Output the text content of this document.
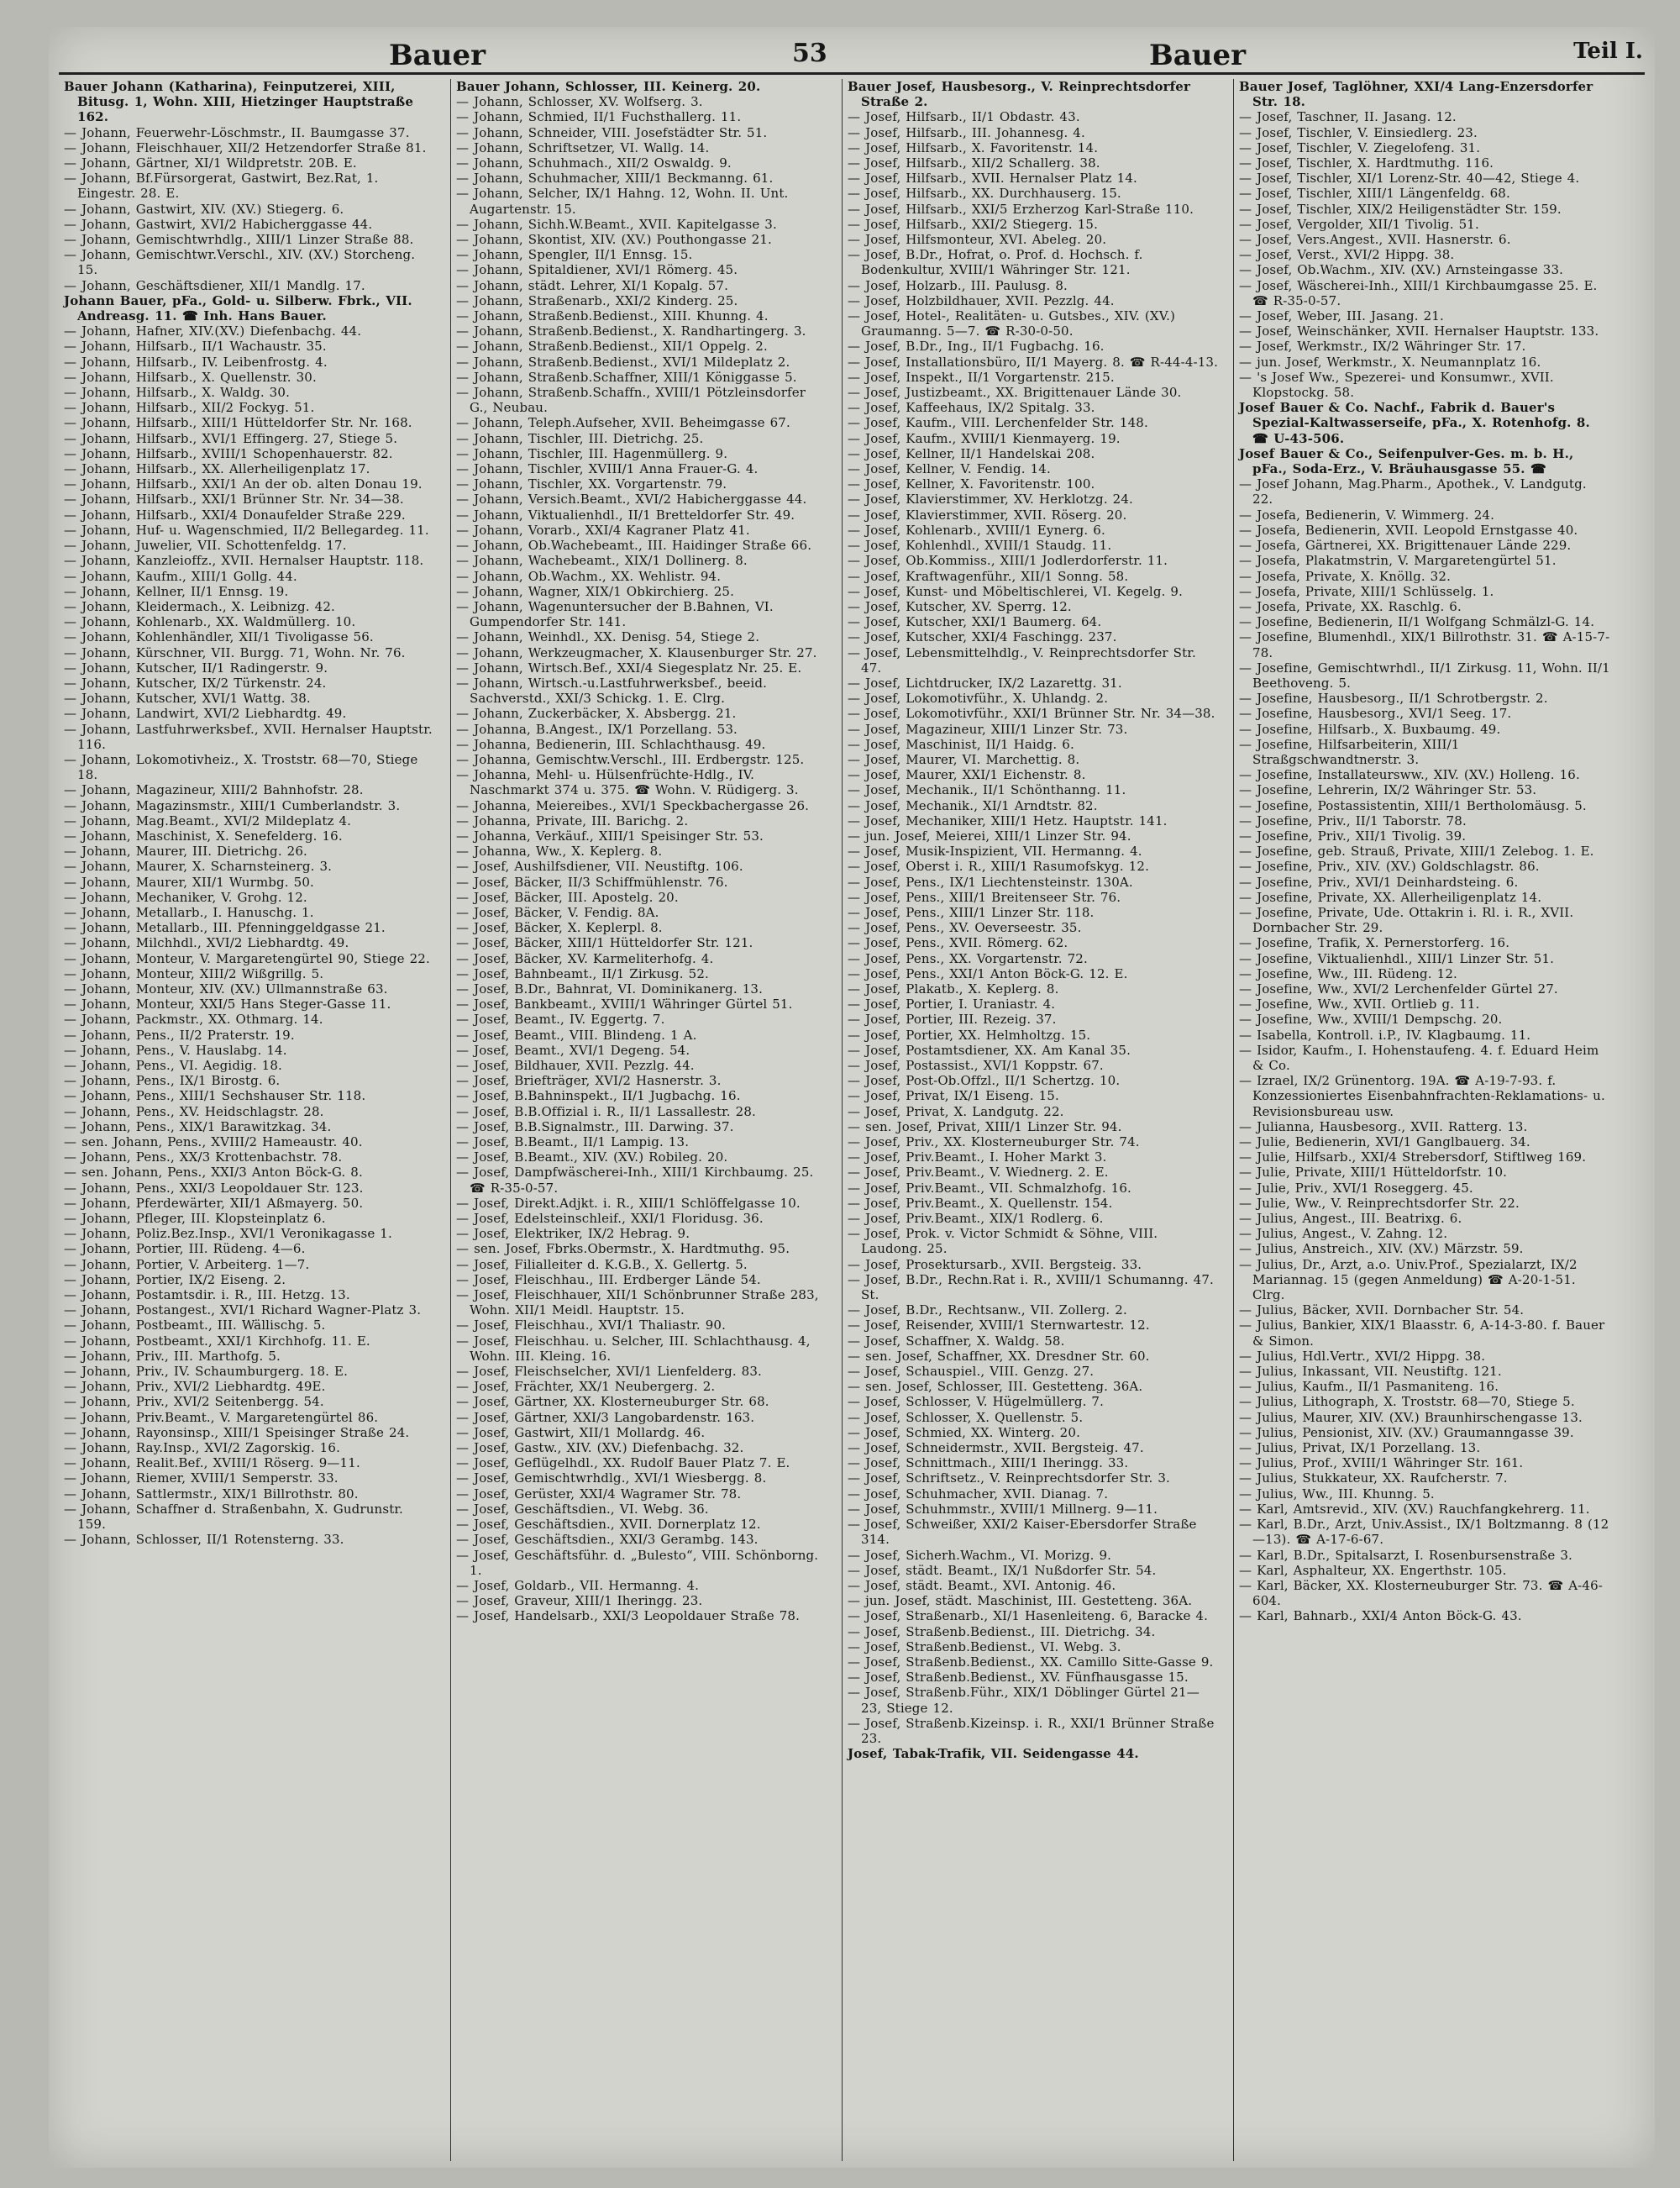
Bauer	53	Bauer	Teil I.
Bauer Johann (Katharina), Feinputzerei, XIII, Bitusg. 1, Wohn. XIII, Hietzinger Hauptstraße 162.
— Johann, Feuerwehr-Löschmstr., II. Baumgasse 37.
— Johann, Fleischhauer, XII/2 Hetzendorfer Straße 81.
— Johann, Gärtner, XI/1 Wildpretstr. 20B. E.
— Johann, Bf.Fürsorgerat, Gastwirt, Bez.Rat, 1. Eingestr. 28. E.
— Johann, Gastwirt, XIV. (XV.) Stiegerg. 6.
— Johann, Gastwirt, XVI/2 Habicherggasse 44.
— Johann, Gemischtwrhdlg., XIII/1 Linzer Straße 88.
— Johann, Gemischtwr.Verschl., XIV. (XV.) Storcheng. 15.
— Johann, Geschäftsdiener, XII/1 Mandlg. 17.
Johann Bauer, pFa., Gold- u. Silberw. Fbrk., VII. Andreasg. 11. ☎ Inh. Hans Bauer.
— Johann, Hafner, XIV.(XV.) Diefenbachg. 44.
— Johann, Hilfsarb., II/1 Wachaustr. 35.
— Johann, Hilfsarb., IV. Leibenfrostg. 4.
— Johann, Hilfsarb., X. Quellenstr. 30.
— Johann, Hilfsarb., X. Waldg. 30.
— Johann, Hilfsarb., XII/2 Fockyg. 51.
— Johann, Hilfsarb., XIII/1 Hütteldorfer Str. Nr. 168.
— Johann, Hilfsarb., XVI/1 Effingerg. 27, Stiege 5.
— Johann, Hilfsarb., XVIII/1 Schopenhauerstr. 82.
— Johann, Hilfsarb., XX. Allerheiligenplatz 17.
— Johann, Hilfsarb., XXI/1 An der ob. alten Donau 19.
— Johann, Hilfsarb., XXI/1 Brünner Str. Nr. 34—38.
— Johann, Hilfsarb., XXI/4 Donaufelder Straße 229.
— Johann, Huf- u. Wagenschmied, II/2 Bellegardeg. 11.
— Johann, Juwelier, VII. Schottenfeldg. 17.
— Johann, Kanzleioffz., XVII. Hernalser Hauptstr. 118.
— Johann, Kaufm., XIII/1 Gollg. 44.
— Johann, Kellner, II/1 Ennsg. 19.
— Johann, Kleidermach., X. Leibnizg. 42.
— Johann, Kohlenarb., XX. Waldmüllerg. 10.
— Johann, Kohlenhändler, XII/1 Tivoligasse 56.
— Johann, Kürschner, VII. Burgg. 71, Wohn. Nr. 76.
— Johann, Kutscher, II/1 Radingerstr. 9.
— Johann, Kutscher, IX/2 Türkenstr. 24.
— Johann, Kutscher, XVI/1 Wattg. 38.
— Johann, Landwirt, XVI/2 Liebhardtg. 49.
— Johann, Lastfuhrwerksbef., XVII. Hernalser Hauptstr. 116.
— Johann, Lokomotivheiz., X. Troststr. 68—70, Stiege 18.
— Johann, Magazineur, XIII/2 Bahnhofstr. 28.
— Johann, Magazinsmstr., XIII/1 Cumberlandstr. 3.
— Johann, Mag.Beamt., XVI/2 Mildeplatz 4.
— Johann, Maschinist, X. Senefelderg. 16.
— Johann, Maurer, III. Dietrichg. 26.
— Johann, Maurer, X. Scharnsteinerg. 3.
— Johann, Maurer, XII/1 Wurmbg. 50.
— Johann, Mechaniker, V. Grohg. 12.
— Johann, Metallarb., I. Hanuschg. 1.
— Johann, Metallarb., III. Pfenninggeldgasse 21.
— Johann, Milchhdl., XVI/2 Liebhardtg. 49.
— Johann, Monteur, V. Margaretengürtel 90, Stiege 22.
— Johann, Monteur, XIII/2 Wißgrillg. 5.
— Johann, Monteur, XIV. (XV.) Ullmannstraße 63.
— Johann, Monteur, XXI/5 Hans Steger-Gasse 11.
— Johann, Packmstr., XX. Othmarg. 14.
— Johann, Pens., II/2 Praterstr. 19.
— Johann, Pens., V. Hauslabg. 14.
— Johann, Pens., VI. Aegidig. 18.
— Johann, Pens., IX/1 Birostg. 6.
— Johann, Pens., XIII/1 Sechshauser Str. 118.
— Johann, Pens., XV. Heidschlagstr. 28.
— Johann, Pens., XIX/1 Barawitzkag. 34.
— sen. Johann, Pens., XVIII/2 Hameaustr. 40.
— Johann, Pens., XX/3 Krottenbachstr. 78.
— sen. Johann, Pens., XXI/3 Anton Böck-G. 8.
— Johann, Pens., XXI/3 Leopoldauer Str. 123.
— Johann, Pferdewärter, XII/1 Aßmayerg. 50.
— Johann, Pfleger, III. Klopsteinplatz 6.
— Johann, Poliz.Bez.Insp., XVI/1 Veronikagasse 1.
— Johann, Portier, III. Rüdeng. 4—6.
— Johann, Portier, V. Arbeiterg. 1—7.
— Johann, Portier, IX/2 Eiseng. 2.
— Johann, Postamtsdir. i. R., III. Hetzg. 13.
— Johann, Postangest., XVI/1 Richard Wagner-Platz 3.
— Johann, Postbeamt., III. Wällischg. 5.
— Johann, Postbeamt., XXI/1 Kirchhofg. 11. E.
— Johann, Priv., III. Marthofg. 5.
— Johann, Priv., IV. Schaumburgerg. 18. E.
— Johann, Priv., XVI/2 Liebhardtg. 49E.
— Johann, Priv., XVI/2 Seitenbergg. 54.
— Johann, Priv.Beamt., V. Margaretengürtel 86.
— Johann, Rayonsinsp., XIII/1 Speisinger Straße 24.
— Johann, Ray.Insp., XVI/2 Zagorskig. 16.
— Johann, Realit.Bef., XVIII/1 Röserg. 9—11.
— Johann, Riemer, XVIII/1 Semperstr. 33.
— Johann, Sattlermstr., XIX/1 Billrothstr. 80.
— Johann, Schaffner d. Straßenbahn, X. Gudrunstr. 159.
— Johann, Schlosser, II/1 Rotensterng. 33.
Bauer Johann, Schlosser, III. Keinerg. 20.
— Johann, Schlosser, XV. Wolfserg. 3.
— Johann, Schmied, II/1 Fuchsthallerg. 11.
— Johann, Schneider, VIII. Josefstädter Str. 51.
— Johann, Schriftsetzer, VI. Wallg. 14.
— Johann, Schuhmach., XII/2 Oswaldg. 9.
— Johann, Schuhmacher, XIII/1 Beckmanng. 61.
— Johann, Selcher, IX/1 Hahng. 12, Wohn. II. Unt. Augartenstr. 15.
— Johann, Sichh.W.Beamt., XVII. Kapitelgasse 3.
— Johann, Skontist, XIV. (XV.) Pouthongasse 21.
— Johann, Spengler, II/1 Ennsg. 15.
— Johann, Spitaldiener, XVI/1 Römerg. 45.
— Johann, städt. Lehrer, XI/1 Kopalg. 57.
— Johann, Straßenarb., XXI/2 Kinderg. 25.
— Johann, Straßenb.Bedienst., XIII. Khunng. 4.
— Johann, Straßenb.Bedienst., X. Randhartingerg. 3.
— Johann, Straßenb.Bedienst., XII/1 Oppelg. 2.
— Johann, Straßenb.Bedienst., XVI/1 Mildeplatz 2.
— Johann, Straßenb.Schaffner, XIII/1 Königgasse 5.
— Johann, Straßenb.Schaffn., XVIII/1 Pötzleinsdorfer G., Neubau.
— Johann, Teleph.Aufseher, XVII. Beheimgasse 67.
— Johann, Tischler, III. Dietrichg. 25.
— Johann, Tischler, III. Hagenmüllerg. 9.
— Johann, Tischler, XVIII/1 Anna Frauer-G. 4.
— Johann, Tischler, XX. Vorgartenstr. 79.
— Johann, Versich.Beamt., XVI/2 Habicherggasse 44.
— Johann, Viktualienhdl., II/1 Bretteldorfer Str. 49.
— Johann, Vorarb., XXI/4 Kagraner Platz 41.
— Johann, Ob.Wachebeamt., III. Haidinger Straße 66.
— Johann, Wachebeamt., XIX/1 Dollinerg. 8.
— Johann, Ob.Wachm., XX. Wehlistr. 94.
— Johann, Wagner, XIX/1 Obkirchierg. 25.
— Johann, Wagenuntersucher der B.Bahnen, VI. Gumpendorfer Str. 141.
— Johann, Weinhdl., XX. Denisg. 54, Stiege 2.
— Johann, Werkzeugmacher, X. Klausenburger Str. 27.
— Johann, Wirtsch.Bef., XXI/4 Siegesplatz Nr. 25. E.
— Johann, Wirtsch.-u.Lastfuhrwerksbef., beeid. Sachverstd., XXI/3 Schickg. 1. E. Clrg.
— Johann, Zuckerbäcker, X. Absbergg. 21.
— Johanna, B.Angest., IX/1 Porzellang. 53.
— Johanna, Bedienerin, III. Schlachthausg. 49.
— Johanna, Gemischtw.Verschl., III. Erdbergstr. 125.
— Johanna, Mehl- u. Hülsenfrüchte-Hdlg., IV. Naschmarkt 374 u. 375. ☎ Wohn. V. Rüdigerg. 3.
— Johanna, Meiereibes., XVI/1 Speckbachergasse 26.
— Johanna, Private, III. Barichg. 2.
— Johanna, Verkäuf., XIII/1 Speisinger Str. 53.
— Johanna, Ww., X. Keplerg. 8.
— Josef, Aushilfsdiener, VII. Neustiftg. 106.
— Josef, Bäcker, II/3 Schiffmühlenstr. 76.
— Josef, Bäcker, III. Apostelg. 20.
— Josef, Bäcker, V. Fendig. 8A.
— Josef, Bäcker, X. Keplerpl. 8.
— Josef, Bäcker, XIII/1 Hütteldorfer Str. 121.
— Josef, Bäcker, XV. Karmeliterhofg. 4.
— Josef, Bahnbeamt., II/1 Zirkusg. 52.
— Josef, B.Dr., Bahnrat, VI. Dominikanerg. 13.
— Josef, Bankbeamt., XVIII/1 Währinger Gürtel 51.
— Josef, Beamt., IV. Eggertg. 7.
— Josef, Beamt., VIII. Blindeng. 1 A.
— Josef, Beamt., XVI/1 Degeng. 54.
— Josef, Bildhauer, XVII. Pezzlg. 44.
— Josef, Briefträger, XVI/2 Hasnerstr. 3.
— Josef, B.Bahninspekt., II/1 Jugbachg. 16.
— Josef, B.B.Offizial i. R., II/1 Lassallestr. 28.
— Josef, B.B.Signalmstr., III. Darwing. 37.
— Josef, B.Beamt., II/1 Lampig. 13.
— Josef, B.Beamt., XIV. (XV.) Robileg. 20.
— Josef, Dampfwäscherei-Inh., XIII/1 Kirchbaumg. 25. ☎ R-35-0-57.
— Josef, Direkt.Adjkt. i. R., XIII/1 Schlöffelgasse 10.
— Josef, Edelsteinschleif., XXI/1 Floridusg. 36.
— Josef, Elektriker, IX/2 Hebrag. 9.
— sen. Josef, Fbrks.Obermstr., X. Hardtmuthg. 95.
— Josef, Filialleiter d. K.G.B., X. Gellertg. 5.
— Josef, Fleischhau., III. Erdberger Lände 54.
— Josef, Fleischhauer, XII/1 Schönbrunner Straße 283, Wohn. XII/1 Meidl. Hauptstr. 15.
— Josef, Fleischhau., XVI/1 Thaliastr. 90.
— Josef, Fleischhau. u. Selcher, III. Schlachthausg. 4, Wohn. III. Kleing. 16.
— Josef, Fleischselcher, XVI/1 Lienfelderg. 83.
— Josef, Frächter, XX/1 Neubergerg. 2.
— Josef, Gärtner, XX. Klosterneuburger Str. 68.
— Josef, Gärtner, XXI/3 Langobardenstr. 163.
— Josef, Gastwirt, XII/1 Mollardg. 46.
— Josef, Gastw., XIV. (XV.) Diefenbachg. 32.
— Josef, Geflügelhdl., XX. Rudolf Bauer Platz 7. E.
— Josef, Gemischtwrhdlg., XVI/1 Wiesbergg. 8.
— Josef, Gerüster, XXI/4 Wagramer Str. 78.
— Josef, Geschäftsdien., VI. Webg. 36.
— Josef, Geschäftsdien., XVII. Dornerplatz 12.
— Josef, Geschäftsdien., XXI/3 Gerambg. 143.
— Josef, Geschäftsführ. d. „Bulesto“, VIII. Schönborng. 1.
— Josef, Goldarb., VII. Hermanng. 4.
— Josef, Graveur, XIII/1 Iheringg. 23.
— Josef, Handelsarb., XXI/3 Leopoldauer Straße 78.
Bauer Josef, Hausbesorg., V. Reinprechtsdorfer Straße 2.
— Josef, Hilfsarb., II/1 Obdastr. 43.
— Josef, Hilfsarb., III. Johannesg. 4.
— Josef, Hilfsarb., X. Favoritenstr. 14.
— Josef, Hilfsarb., XII/2 Schallerg. 38.
— Josef, Hilfsarb., XVII. Hernalser Platz 14.
— Josef, Hilfsarb., XX. Durchhauserg. 15.
— Josef, Hilfsarb., XXI/5 Erzherzog Karl-Straße 110.
— Josef, Hilfsarb., XXI/2 Stiegerg. 15.
— Josef, Hilfsmonteur, XVI. Abeleg. 20.
— Josef, B.Dr., Hofrat, o. Prof. d. Hochsch. f. Bodenkultur, XVIII/1 Währinger Str. 121.
— Josef, Holzarb., III. Paulusg. 8.
— Josef, Holzbildhauer, XVII. Pezzlg. 44.
— Josef, Hotel-, Realitäten- u. Gutsbes., XIV. (XV.) Graumanng. 5—7. ☎ R-30-0-50.
— Josef, B.Dr., Ing., II/1 Fugbachg. 16.
— Josef, Installationsbüro, II/1 Mayerg. 8. ☎ R-44-4-13.
— Josef, Inspekt., II/1 Vorgartenstr. 215.
— Josef, Justizbeamt., XX. Brigittenauer Lände 30.
— Josef, Kaffeehaus, IX/2 Spitalg. 33.
— Josef, Kaufm., VIII. Lerchenfelder Str. 148.
— Josef, Kaufm., XVIII/1 Kienmayerg. 19.
— Josef, Kellner, II/1 Handelskai 208.
— Josef, Kellner, V. Fendig. 14.
— Josef, Kellner, X. Favoritenstr. 100.
— Josef, Klavierstimmer, XV. Herklotzg. 24.
— Josef, Klavierstimmer, XVII. Röserg. 20.
— Josef, Kohlenarb., XVIII/1 Eynerg. 6.
— Josef, Kohlenhdl., XVIII/1 Staudg. 11.
— Josef, Ob.Kommiss., XIII/1 Jodlerdorferstr. 11.
— Josef, Kraftwagenführ., XII/1 Sonng. 58.
— Josef, Kunst- und Möbeltischlerei, VI. Kegelg. 9.
— Josef, Kutscher, XV. Sperrg. 12.
— Josef, Kutscher, XXI/1 Baumerg. 64.
— Josef, Kutscher, XXI/4 Faschingg. 237.
— Josef, Lebensmittelhdlg., V. Reinprechtsdorfer Str. 47.
— Josef, Lichtdrucker, IX/2 Lazarettg. 31.
— Josef, Lokomotivführ., X. Uhlandg. 2.
— Josef, Lokomotivführ., XXI/1 Brünner Str. Nr. 34—38.
— Josef, Magazineur, XIII/1 Linzer Str. 73.
— Josef, Maschinist, II/1 Haidg. 6.
— Josef, Maurer, VI. Marchettig. 8.
— Josef, Maurer, XXI/1 Eichenstr. 8.
— Josef, Mechanik., II/1 Schönthanng. 11.
— Josef, Mechanik., XI/1 Arndtstr. 82.
— Josef, Mechaniker, XIII/1 Hetz. Hauptstr. 141.
— jun. Josef, Meierei, XIII/1 Linzer Str. 94.
— Josef, Musik-Inspizient, VII. Hermanng. 4.
— Josef, Oberst i. R., XIII/1 Rasumofskyg. 12.
— Josef, Pens., IX/1 Liechtensteinstr. 130A.
— Josef, Pens., XIII/1 Breitenseer Str. 76.
— Josef, Pens., XIII/1 Linzer Str. 118.
— Josef, Pens., XV. Oeverseestr. 35.
— Josef, Pens., XVII. Römerg. 62.
— Josef, Pens., XX. Vorgartenstr. 72.
— Josef, Pens., XXI/1 Anton Böck-G. 12. E.
— Josef, Plakatb., X. Keplerg. 8.
— Josef, Portier, I. Uraniastr. 4.
— Josef, Portier, III. Rezeig. 37.
— Josef, Portier, XX. Helmholtzg. 15.
— Josef, Postamtsdiener, XX. Am Kanal 35.
— Josef, Postassist., XVI/1 Koppstr. 67.
— Josef, Post-Ob.Offzl., II/1 Schertzg. 10.
— Josef, Privat, IX/1 Eiseng. 15.
— Josef, Privat, X. Landgutg. 22.
— sen. Josef, Privat, XIII/1 Linzer Str. 94.
— Josef, Priv., XX. Klosterneuburger Str. 74.
— Josef, Priv.Beamt., I. Hoher Markt 3.
— Josef, Priv.Beamt., V. Wiednerg. 2. E.
— Josef, Priv.Beamt., VII. Schmalzhofg. 16.
— Josef, Priv.Beamt., X. Quellenstr. 154.
— Josef, Priv.Beamt., XIX/1 Rodlerg. 6.
— Josef, Prok. v. Victor Schmidt & Söhne, VIII. Laudong. 25.
— Josef, Prosektursarb., XVII. Bergsteig. 33.
— Josef, B.Dr., Rechn.Rat i. R., XVIII/1 Schumanng. 47. St.
— Josef, B.Dr., Rechtsanw., VII. Zollerg. 2.
— Josef, Reisender, XVIII/1 Sternwartestr. 12.
— Josef, Schaffner, X. Waldg. 58.
— sen. Josef, Schaffner, XX. Dresdner Str. 60.
— Josef, Schauspiel., VIII. Genzg. 27.
— sen. Josef, Schlosser, III. Gestetteng. 36A.
— Josef, Schlosser, V. Hügelmüllerg. 7.
— Josef, Schlosser, X. Quellenstr. 5.
— Josef, Schmied, XX. Winterg. 20.
— Josef, Schneidermstr., XVII. Bergsteig. 47.
— Josef, Schnittmach., XIII/1 Iheringg. 33.
— Josef, Schriftsetz., V. Reinprechtsdorfer Str. 3.
— Josef, Schuhmacher, XVII. Dianag. 7.
— Josef, Schuhmmstr., XVIII/1 Millnerg. 9—11.
— Josef, Schweißer, XXI/2 Kaiser-Ebersdorfer Straße 314.
— Josef, Sicherh.Wachm., VI. Morizg. 9.
— Josef, städt. Beamt., IX/1 Nußdorfer Str. 54.
— Josef, städt. Beamt., XVI. Antonig. 46.
— jun. Josef, städt. Maschinist, III. Gestetteng. 36A.
— Josef, Straßenarb., XI/1 Hasenleiteng. 6, Baracke 4.
— Josef, Straßenb.Bedienst., III. Dietrichg. 34.
— Josef, Straßenb.Bedienst., VI. Webg. 3.
— Josef, Straßenb.Bedienst., XX. Camillo Sitte-Gasse 9.
— Josef, Straßenb.Bedienst., XV. Fünfhausgasse 15.
— Josef, Straßenb.Führ., XIX/1 Döblinger Gürtel 21—23, Stiege 12.
— Josef, Straßenb.Kizeinsp. i. R., XXI/1 Brünner Straße 23.
Josef, Tabak-Trafik, VII. Seidengasse 44.
Bauer Josef, Taglöhner, XXI/4 Lang-Enzersdorfer Str. 18.
— Josef, Taschner, II. Jasang. 12.
— Josef, Tischler, V. Einsiedlerg. 23.
— Josef, Tischler, V. Ziegelofeng. 31.
— Josef, Tischler, X. Hardtmuthg. 116.
— Josef, Tischler, XI/1 Lorenz-Str. 40—42, Stiege 4.
— Josef, Tischler, XIII/1 Längenfeldg. 68.
— Josef, Tischler, XIX/2 Heiligenstädter Str. 159.
— Josef, Vergolder, XII/1 Tivolig. 51.
— Josef, Vers.Angest., XVII. Hasnerstr. 6.
— Josef, Verst., XVI/2 Hippg. 38.
— Josef, Ob.Wachm., XIV. (XV.) Arnsteingasse 33.
— Josef, Wäscherei-Inh., XIII/1 Kirchbaumgasse 25. E. ☎ R-35-0-57.
— Josef, Weber, III. Jasang. 21.
— Josef, Weinschänker, XVII. Hernalser Hauptstr. 133.
— Josef, Werkmstr., IX/2 Währinger Str. 17.
— jun. Josef, Werkmstr., X. Neumannplatz 16.
— 's Josef Ww., Spezerei- und Konsumwr., XVII. Klopstockg. 58.
Josef Bauer & Co. Nachf., Fabrik d. Bauer's Spezial-Kaltwasserseife, pFa., X. Rotenhofg. 8. ☎ U-43-506.
Josef Bauer & Co., Seifenpulver-Ges. m. b. H., pFa., Soda-Erz., V. Bräuhausgasse 55. ☎
— Josef Johann, Mag.Pharm., Apothek., V. Landgutg. 22.
— Josefa, Bedienerin, V. Wimmerg. 24.
— Josefa, Bedienerin, XVII. Leopold Ernstgasse 40.
— Josefa, Gärtnerei, XX. Brigittenauer Lände 229.
— Josefa, Plakatmstrin, V. Margaretengürtel 51.
— Josefa, Private, X. Knöllg. 32.
— Josefa, Private, XIII/1 Schlüsselg. 1.
— Josefa, Private, XX. Raschlg. 6.
— Josefine, Bedienerin, II/1 Wolfgang Schmälzl-G. 14.
— Josefine, Blumenhdl., XIX/1 Billrothstr. 31. ☎ A-15-7-78.
— Josefine, Gemischtwrhdl., II/1 Zirkusg. 11, Wohn. II/1 Beethoveng. 5.
— Josefine, Hausbesorg., II/1 Schrotbergstr. 2.
— Josefine, Hausbesorg., XVI/1 Seeg. 17.
— Josefine, Hilfsarb., X. Buxbaumg. 49.
— Josefine, Hilfsarbeiterin, XIII/1 Straßgschwandtnerstr. 3.
— Josefine, Installateursww., XIV. (XV.) Holleng. 16.
— Josefine, Lehrerin, IX/2 Währinger Str. 53.
— Josefine, Postassistentin, XIII/1 Bertholomäusg. 5.
— Josefine, Priv., II/1 Taborstr. 78.
— Josefine, Priv., XII/1 Tivolig. 39.
— Josefine, geb. Strauß, Private, XIII/1 Zelebog. 1. E.
— Josefine, Priv., XIV. (XV.) Goldschlagstr. 86.
— Josefine, Priv., XVI/1 Deinhardsteing. 6.
— Josefine, Private, XX. Allerheiligenplatz 14.
— Josefine, Private, Ude. Ottakrin i. Rl. i. R., XVII. Dornbacher Str. 29.
— Josefine, Trafik, X. Pernerstorferg. 16.
— Josefine, Viktualienhdl., XIII/1 Linzer Str. 51.
— Josefine, Ww., III. Rüdeng. 12.
— Josefine, Ww., XVI/2 Lerchenfelder Gürtel 27.
— Josefine, Ww., XVII. Ortlieb g. 11.
— Josefine, Ww., XVIII/1 Dempschg. 20.
— Isabella, Kontroll. i.P., IV. Klagbaumg. 11.
— Isidor, Kaufm., I. Hohenstaufeng. 4. f. Eduard Heim & Co.
— Izrael, IX/2 Grünentorg. 19A. ☎ A-19-7-93. f. Konzessioniertes Eisenbahnfrachten-Reklamations- u. Revisionsbureau usw.
— Julianna, Hausbesorg., XVII. Ratterg. 13.
— Julie, Bedienerin, XVI/1 Ganglbauerg. 34.
— Julie, Hilfsarb., XXI/4 Strebersdorf, Stiftlweg 169.
— Julie, Private, XIII/1 Hütteldorfstr. 10.
— Julie, Priv., XVI/1 Roseggerg. 45.
— Julie, Ww., V. Reinprechtsdorfer Str. 22.
— Julius, Angest., III. Beatrixg. 6.
— Julius, Angest., V. Zahng. 12.
— Julius, Anstreich., XIV. (XV.) Märzstr. 59.
— Julius, Dr., Arzt, a.o. Univ.Prof., Spezialarzt, IX/2 Mariannag. 15 (gegen Anmeldung) ☎ A-20-1-51. Clrg.
— Julius, Bäcker, XVII. Dornbacher Str. 54.
— Julius, Bankier, XIX/1 Blaasstr. 6, A-14-3-80. f. Bauer & Simon.
— Julius, Hdl.Vertr., XVI/2 Hippg. 38.
— Julius, Inkassant, VII. Neustiftg. 121.
— Julius, Kaufm., II/1 Pasmaniteng. 16.
— Julius, Lithograph, X. Troststr. 68—70, Stiege 5.
— Julius, Maurer, XIV. (XV.) Braunhirschengasse 13.
— Julius, Pensionist, XIV. (XV.) Graumanngasse 39.
— Julius, Privat, IX/1 Porzellang. 13.
— Julius, Prof., XVIII/1 Währinger Str. 161.
— Julius, Stukkateur, XX. Raufcherstr. 7.
— Julius, Ww., III. Khunng. 5.
— Karl, Amtsrevid., XIV. (XV.) Rauchfangkehrerg. 11.
— Karl, B.Dr., Arzt, Univ.Assist., IX/1 Boltzmanng. 8 (12—13). ☎ A-17-6-67.
— Karl, B.Dr., Spitalsarzt, I. Rosenbursenstraße 3.
— Karl, Asphalteur, XX. Engerthstr. 105.
— Karl, Bäcker, XX. Klosterneuburger Str. 73. ☎ A-46-604.
— Karl, Bahnarb., XXI/4 Anton Böck-G. 43.
